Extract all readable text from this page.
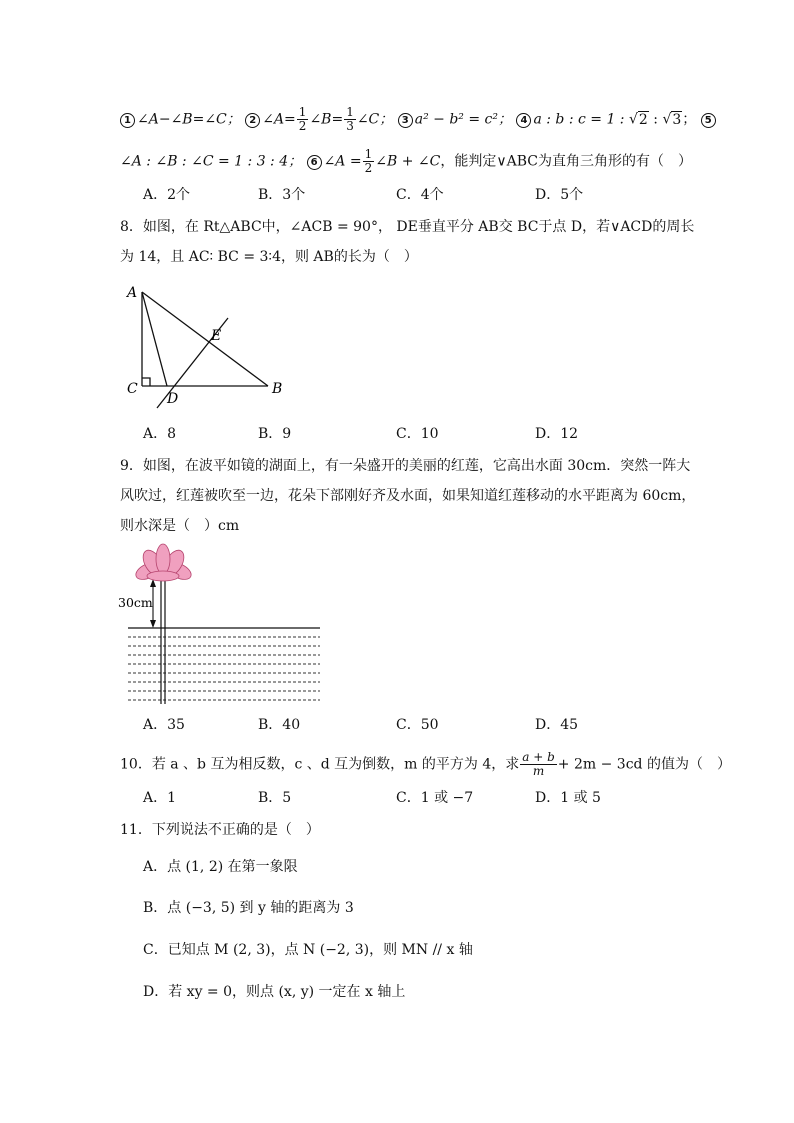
1 ∠A−∠B=∠C； 2 ∠A= $\frac{1}{2}$ ∠B= $\frac{1}{3}$ ∠C； 3 a² − b² = c²； 4 a : b : c = 1 : √2 : √3； 5
∠A : ∠B : ∠C = 1 : 3 : 4； 6 ∠A = $\frac{1}{2}$ ∠B + ∠C，能判定∨ABC为直角三角形的有（　）
A．2个	B．3个	C．4个	D．5个
8．如图，在 Rt△ABC中，∠ACB = 90°， DE垂直平分 AB交 BC于点 D，若∨ACD的周长
为 14，且 AC∶ BC = 3∶4，则 AB的长为（　）
A
C
D
E
B
A．8	B．9	C．10	D．12
9．如图，在波平如镜的湖面上，有一朵盛开的美丽的红莲，它高出水面 30cm．突然一阵大
风吹过，红莲被吹至一边，花朵下部刚好齐及水面，如果知道红莲移动的水平距离为 60cm，
则水深是（　）cm
30cm
A．35	B．40	C．50	D．45
10．若 a 、b 互为相反数，c 、d 互为倒数，m 的平方为 4，求 $\frac{a + b}{m} + 2m - 3cd$ 的值为（　）
A．1	B．5	C．1 或 −7	D．1 或 5
11．下列说法不正确的是（　）
A．点 (1, 2) 在第一象限
B．点 (−3, 5) 到 y 轴的距离为 3
C．已知点 M (2, 3)，点 N (−2, 3)，则 MN // x 轴
D．若 xy = 0，则点 (x, y) 一定在 x 轴上
